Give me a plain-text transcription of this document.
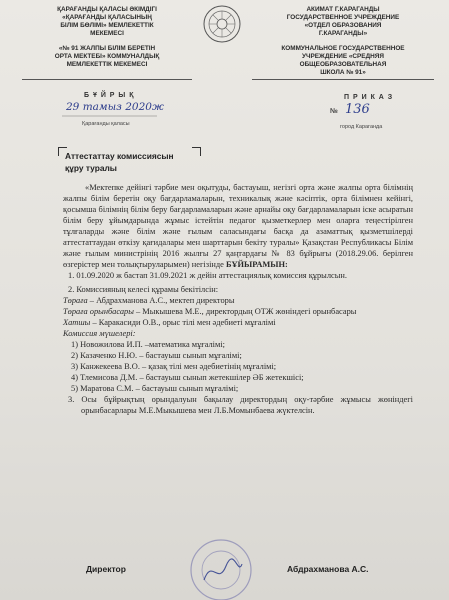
ҚАРАҒАНДЫ ҚАЛАСЫ ӘКІМДІГІ
«ҚАРАҒАНДЫ ҚАЛАСЫНЫҢ
БІЛІМ БӨЛІМІ» МЕМЛЕКЕТТІК
МЕКЕМЕСІ
«№ 91 ЖАЛПЫ БІЛІМ БЕРЕТІН
ОРТА МЕКТЕБІ» КОММУНАЛДЫҚ
МЕМЛЕКЕТТІК МЕКЕМЕСІ
АКИМАТ Г.КАРАГАНДЫ
ГОСУДАРСТВЕННОЕ УЧРЕЖДЕНИЕ
«ОТДЕЛ ОБРАЗОВАНИЯ
Г.КАРАГАНДЫ»
КОММУНАЛЬНОЕ ГОСУДАРСТВЕННОЕ
УЧРЕЖДЕНИЕ «СРЕДНЯЯ
ОБЩЕОБРАЗОВАТЕЛЬНАЯ
ШКОЛА № 91»
Б Ұ Й Р Ы Қ	П Р И К А З
29 тамыз 2020ж	№ 136
Қарағанды қаласы	город Караганда
Аттестаттау комиссиясын
құру туралы

«Мектепке дейінгі тәрбие мен оқытуды, бастауыш, негізгі орта және жалпы орта білімнің жалпы білім беретін оқу бағдарламаларын, техникалық және кәсіптік, орта білімнен кейінгі, қосымша білімнің білім беру бағдарламаларын және арнайы оқу бағдарламаларын іске асыратын білім беру ұйымдарында жұмыс істейтін педагог қызметкерлер мен оларға теңестірілген тұлғаларды және білім және ғылым саласындағы басқа да азаматтық қызметшілерді аттестаттаудан өткізу қағидалары мен шарттарын бекіту туралы» Қазақстан Республикасы Білім және ғылым министрінің 2016 жылғы 27 қаңтардағы № 83 бұйрығы (2018.29.06. берілген өзгерістер мен толықтыруларымен) негізінде БҰЙЫРАМЫН:

1. 01.09.2020 ж бастап 31.09.2021 ж дейін аттестациялық комиссия құрылсын.

2. Комиссияның келесі құрамы бекітілсін:

Төраға – Абдрахманова А.С., мектеп директоры

Төраға орынбасары – Мыкышева М.Е., директордың ОТЖ жөніндегі орынбасары

Хатшы – Каракасиди О.В., орыс тілі мен әдебиеті мұғалімі

Комиссия мүшелері:

1) Новожилова И.П. –математика мұғалімі;

2) Казаченко Н.Ю. – бастауыш сынып мұғалімі;

3) Канжекеева В.О. – қазақ тілі мен әдебиетінің мұғалімі;

4) Тлемисова Д.М. – бастауыш сынып жетекшілер ӘБ жетекшісі;

5) Маратова С.М. – бастауыш сынып мұғалімі;

3. Осы бұйрықтың орындалуын бақылау директордың оқу-тәрбие жұмысы жөніндегі орынбасарлары М.Е.Мыкышева мен Л.Б.Момынбаева жүктелсін.

Директор	Абдрахманова А.С.
